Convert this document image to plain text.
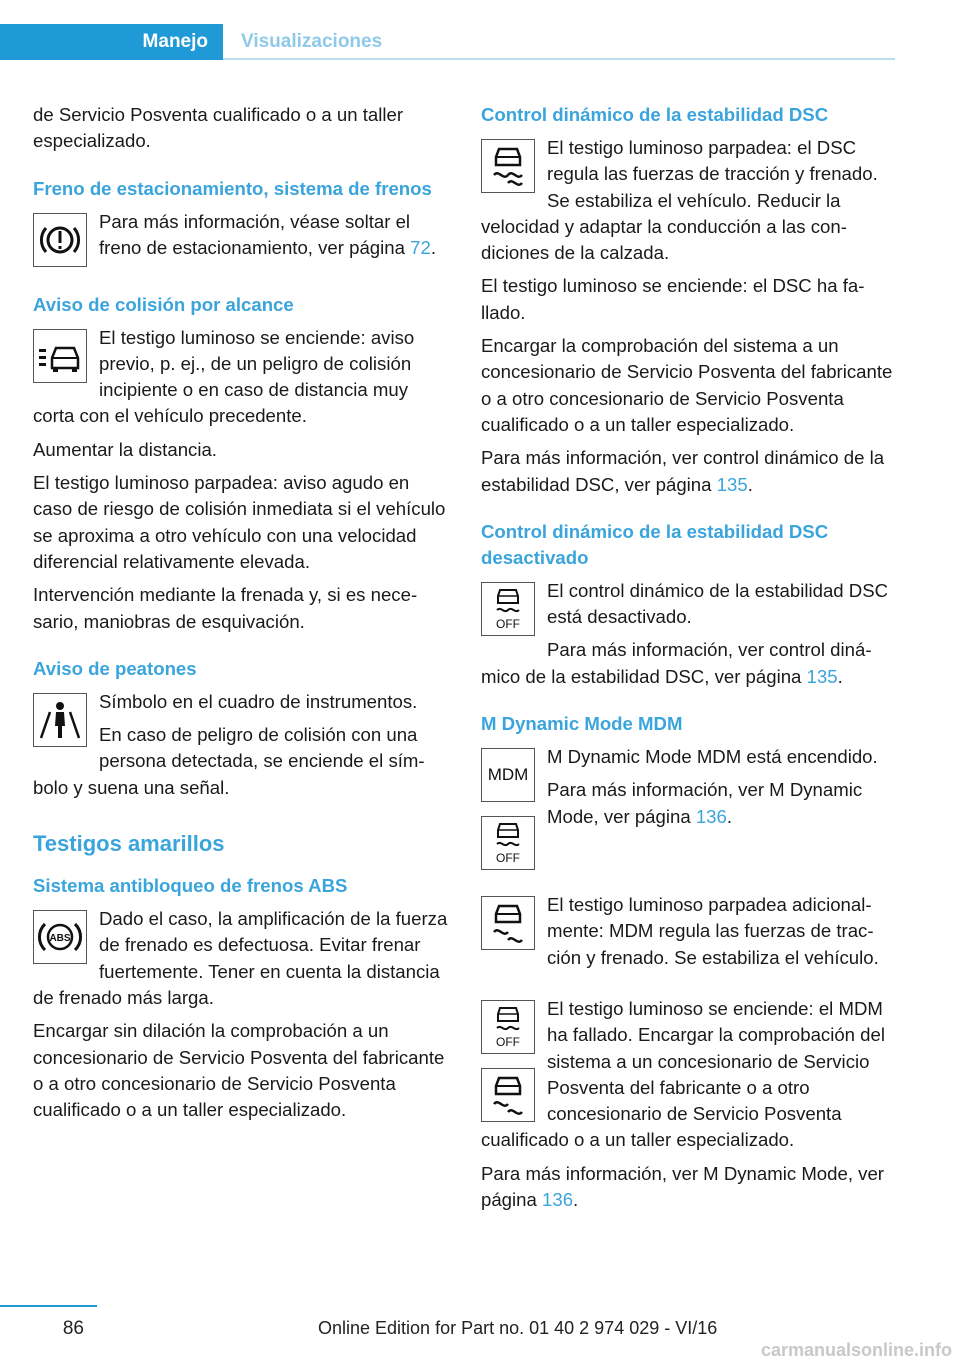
Manejo	Visualizaciones

de Servicio Posventa cualificado o a un taller especializado.

Freno de estacionamiento, sistema de frenos

Para más información, véase soltar el freno de estacionamiento, ver página 72.

Aviso de colisión por alcance

El testigo luminoso se enciende: aviso previo, p. ej., de un peligro de colisión incipiente o en caso de distancia muy corta con el vehículo precedente.

Aumentar la distancia.

El testigo luminoso parpadea: aviso agudo en caso de riesgo de colisión inmediata si el vehículo se aproxima a otro vehículo con una velocidad diferencial relativamente elevada.

Intervención mediante la frenada y, si es necesario, maniobras de esquivación.

Aviso de peatones

Símbolo en el cuadro de instrumentos.

En caso de peligro de colisión con una persona detectada, se enciende el símbolo y suena una señal.

Testigos amarillos
Sistema antibloqueo de frenos ABS
ABS

Dado el caso, la amplificación de la fuerza de frenado es defectuosa. Evitar frenar fuertemente. Tener en cuenta la distancia de frenado más larga.

Encargar sin dilación la comprobación a un concesionario de Servicio Posventa del fabricante o a otro concesionario de Servicio Posventa cualificado o a un taller especializado.

Control dinámico de la estabilidad DSC

El testigo luminoso parpadea: el DSC regula las fuerzas de tracción y frenado. Se estabiliza el vehículo. Reducir la velocidad y adaptar la conducción a las condiciones de la calzada.

El testigo luminoso se enciende: el DSC ha fallado.

Encargar la comprobación del sistema a un concesionario de Servicio Posventa del fabricante o a otro concesionario de Servicio Posventa cualificado o a un taller especializado.

Para más información, ver control dinámico de la estabilidad DSC, ver página 135.

Control dinámico de la estabilidad DSC desactivado
OFF

El control dinámico de la estabilidad DSC está desactivado.

Para más información, ver control dinámico de la estabilidad DSC, ver página 135.

M Dynamic Mode MDM
MDM
OFF

M Dynamic Mode MDM está encendido.

Para más información, ver M Dynamic Mode, ver página 136.

El testigo luminoso parpadea adicionalmente: MDM regula las fuerzas de tracción y frenado. Se estabiliza el vehículo.

OFF

El testigo luminoso se enciende: el MDM ha fallado. Encargar la comprobación del sistema a un concesionario de Servicio Posventa del fabricante o a otro concesionario de Servicio Posventa cualificado o a un taller especializado.

Para más información, ver M Dynamic Mode, ver página 136.

86	Online Edition for Part no. 01 40 2 974 029 - VI/16
carmanualsonline.info
